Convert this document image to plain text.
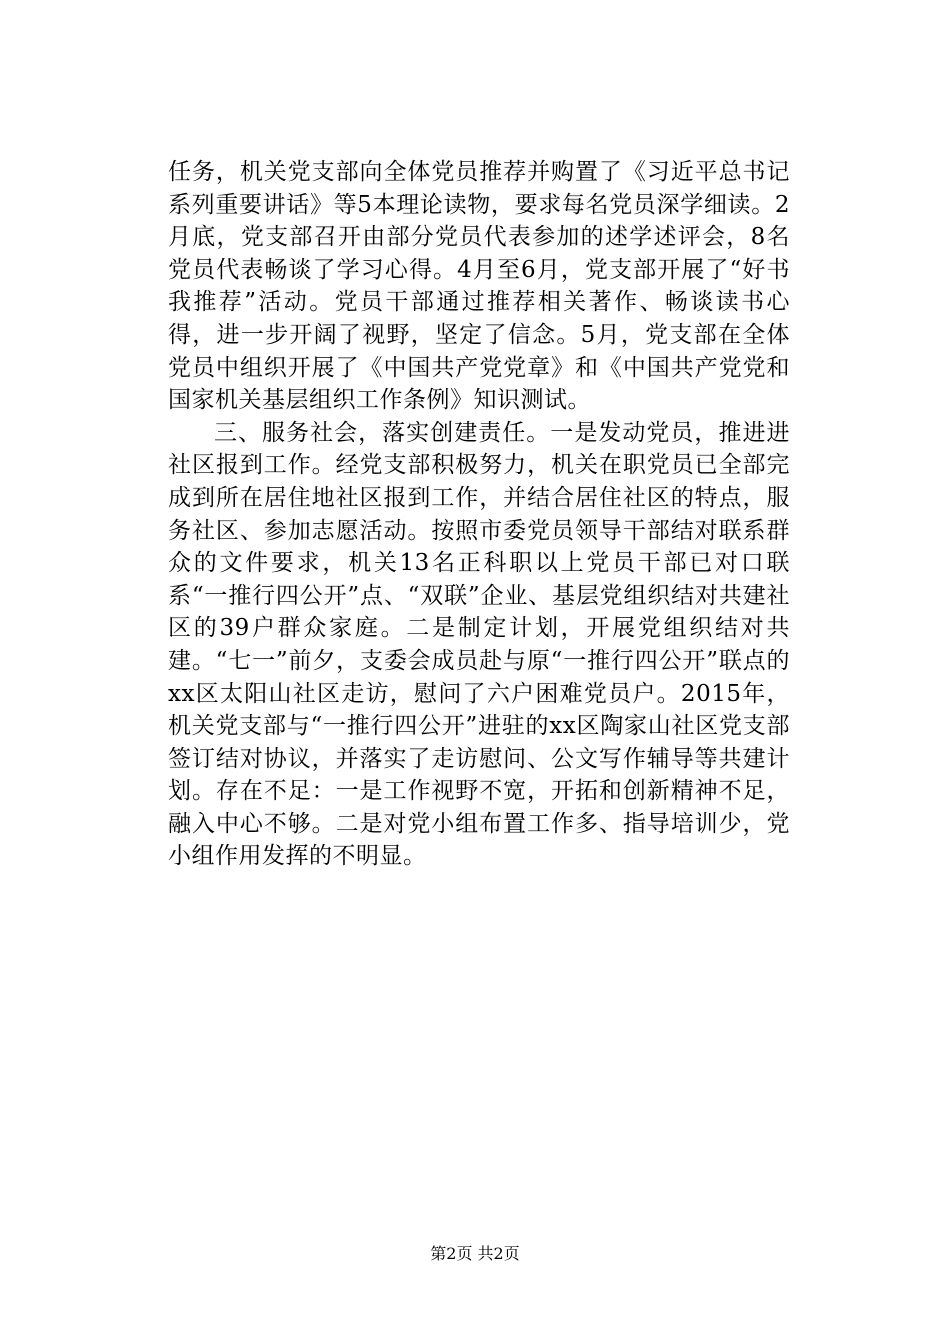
任务，机关党支部向全体党员推荐并购置了《习近平总书记系列重要讲话》等5本理论读物，要求每名党员深学细读。2月底，党支部召开由部分党员代表参加的述学述评会，8名党员代表畅谈了学习心得。4月至6月，党支部开展了“好书我推荐”活动。党员干部通过推荐相关著作、畅谈读书心得，进一步开阔了视野，坚定了信念。5月，党支部在全体党员中组织开展了《中国共产党党章》和《中国共产党党和国家机关基层组织工作条例》知识测试。

三、服务社会，落实创建责任。一是发动党员，推进进社区报到工作。经党支部积极努力，机关在职党员已全部完成到所在居住地社区报到工作，并结合居住社区的特点，服务社区、参加志愿活动。按照市委党员领导干部结对联系群众的文件要求，机关13名正科职以上党员干部已对口联系“一推行四公开”点、“双联”企业、基层党组织结对共建社区的39户群众家庭。二是制定计划，开展党组织结对共建。“七一”前夕，支委会成员赴与原“一推行四公开”联点的xx区太阳山社区走访，慰问了六户困难党员户。2015年，机关党支部与“一推行四公开”进驻的xx区陶家山社区党支部签订结对协议，并落实了走访慰问、公文写作辅导等共建计划。存在不足：一是工作视野不宽，开拓和创新精神不足，融入中心不够。二是对党小组布置工作多、指导培训少，党小组作用发挥的不明显。

第2页 共2页
